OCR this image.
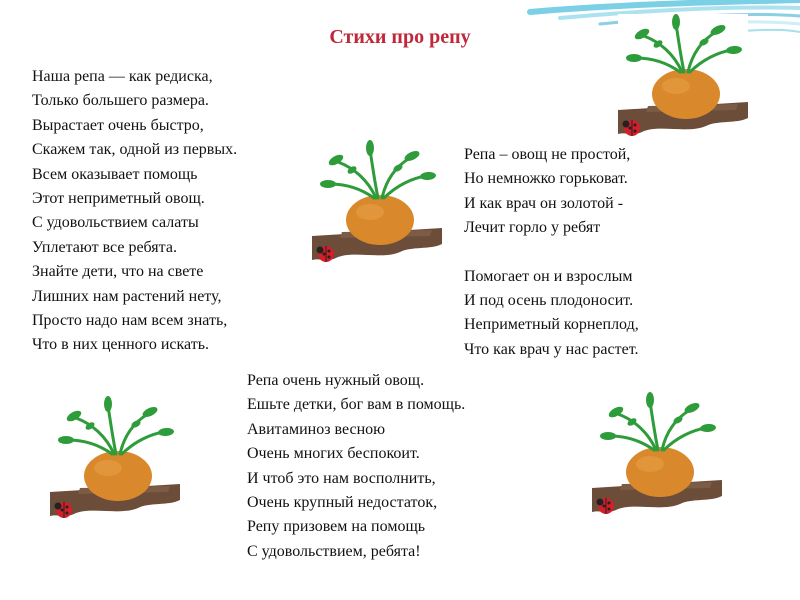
Стихи про репу
Наша репа — как редиска,
Только большего размера.
Вырастает очень быстро,
Скажем так, одной из первых.
Всем оказывает помощь
Этот неприметный овощ.
С удовольствием салаты
Уплетают все ребята.
Знайте дети, что на свете
Лишних нам растений нету,
Просто надо нам всем знать,
Что в них ценного искать.
Репа – овощ не простой,
Но немножко горьковат.
И как врач он золотой -
Лечит горло у ребят
Помогает он и взрослым
И под осень плодоносит.
Неприметный корнеплод,
Что как врач у нас растет.
Репа очень нужный овощ.
Ешьте детки, бог вам в помощь.
Авитаминоз весною
Очень многих беспокоит.
И чтоб это нам восполнить,
Очень крупный недостаток,
Репу призовем на помощь
С удовольствием, ребята!
